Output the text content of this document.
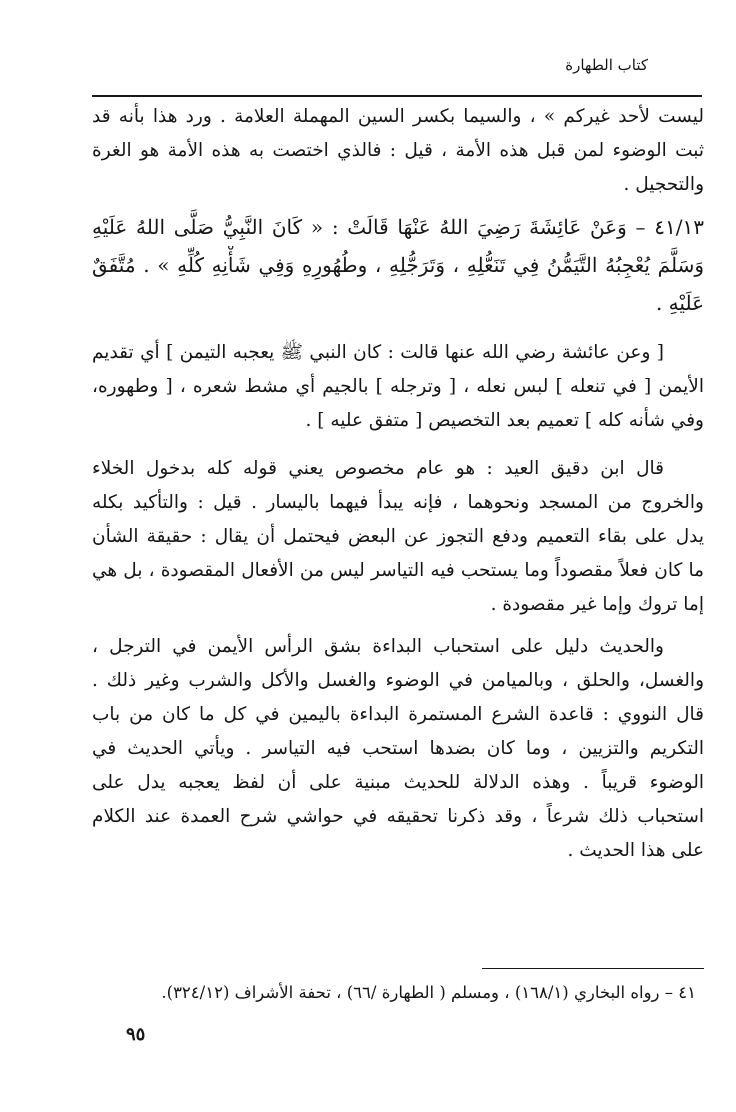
كتاب الطهارة
ليست لأحد غيركم » ، والسيما بكسر السين المهملة العلامة . ورد هذا بأنه قد
ثبت الوضوء لمن قبل هذه الأمة ، قيل : فالذي اختصت به هذه الأمة هو الغرة
والتحجيل .
٤١/١٣ – وَعَنْ عَائِشَةَ رَضِيَ اللهُ عَنْهَا قَالَتْ : « كَانَ النَّبِيُّ صَلَّى اللهُ عَلَيْهِ
وَسَلَّمَ يُعْجِبُهُ التَّيَمُّنُ فِي تَنَعُّلِهِ ، وَتَرَجُّلِهِ ، وطُهُورِهِ وَفِي شَأْنِهِ كُلِّهِ » . مُتَّفَقٌ
عَلَيْهِ .
[ وعن عائشة رضي الله عنها قالت : كان النبي ﷺ يعجبه التيمن ] أي تقديم
الأيمن [ في تنعله ] لبس نعله ، [ وترجله ] بالجيم أي مشط شعره ، [ وطهوره،
وفي شأنه كله ] تعميم بعد التخصيص [ متفق عليه ] .
قال ابن دقيق العيد : هو عام مخصوص يعني قوله كله بدخول الخلاء
والخروج من المسجد ونحوهما ، فإنه يبدأ فيهما باليسار . قيل : والتأكيد بكله
يدل على بقاء التعميم ودفع التجوز عن البعض فيحتمل أن يقال : حقيقة الشأن
ما كان فعلاً مقصوداً وما يستحب فيه التياسر ليس من الأفعال المقصودة ، بل هي
إما تروك وإما غير مقصودة .
والحديث دليل على استحباب البداءة بشق الرأس الأيمن في الترجل ،
والغسل، والحلق ، وبالميامن في الوضوء والغسل والأكل والشرب وغير ذلك .
قال النووي : قاعدة الشرع المستمرة البداءة باليمين في كل ما كان من باب
التكريم والتزيين ، وما كان بضدها استحب فيه التياسر . ويأتي الحديث في
الوضوء قريباً . وهذه الدلالة للحديث مبنية على أن لفظ يعجبه يدل على
استحباب ذلك شرعاً ، وقد ذكرنا تحقيقه في حواشي شرح العمدة عند الكلام
على هذا الحديث .
٤١ – رواه البخاري (١٦٨/١) ، ومسلم ( الطهارة /٦٦) ، تحفة الأشراف (٣٢٤/١٢).
٩٥
